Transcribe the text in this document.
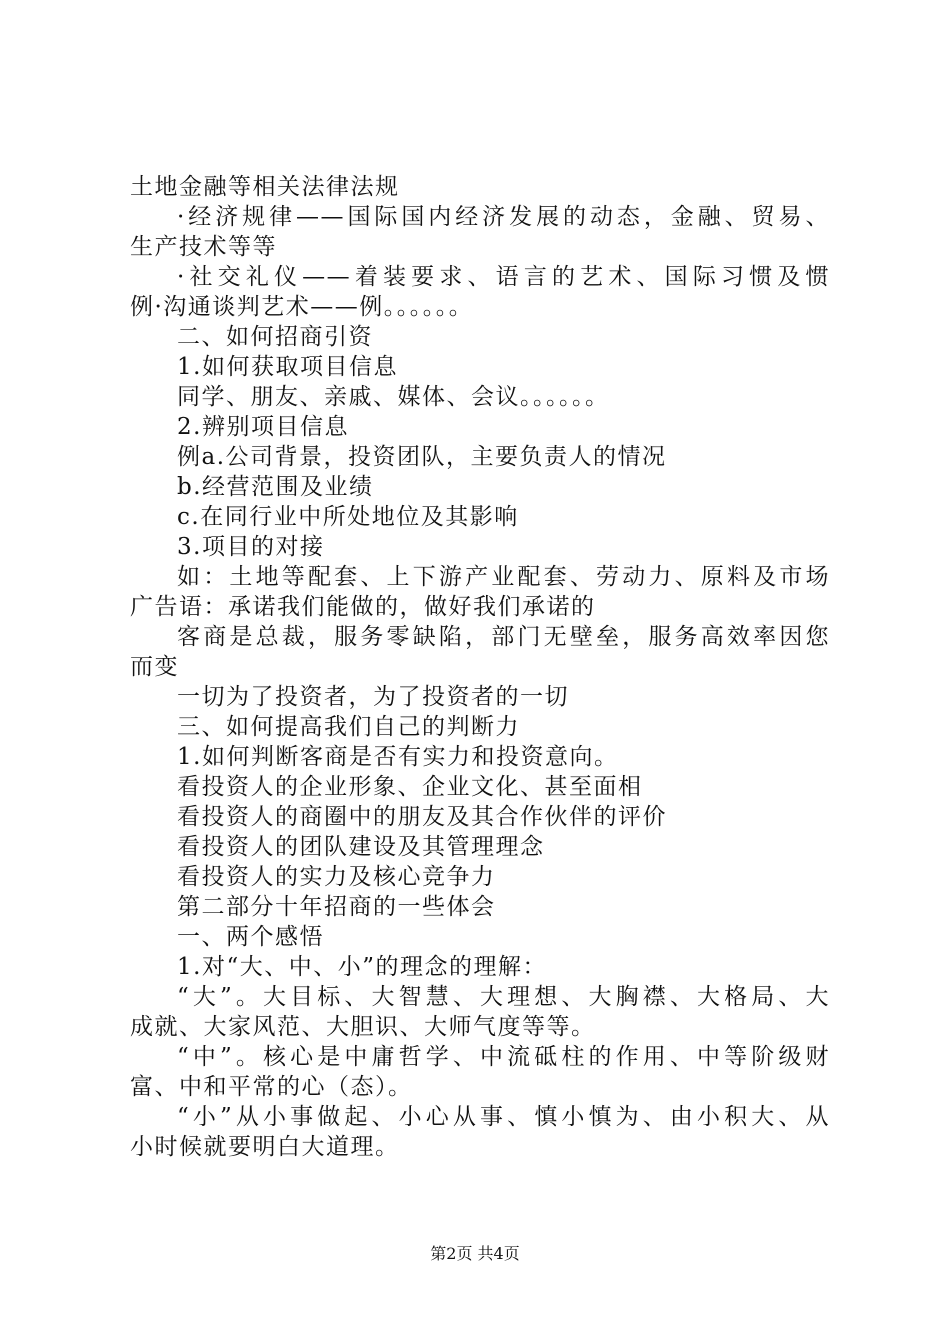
土地金融等相关法律法规
·经济规律——国际国内经济发展的动态，金融、贸易、
生产技术等等
·社交礼仪——着装要求、语言的艺术、国际习惯及惯
例·沟通谈判艺术——例。。。。。。
二、如何招商引资
1.如何获取项目信息
同学、朋友、亲戚、媒体、会议。。。。。。
2.辨别项目信息
例a.公司背景，投资团队，主要负责人的情况
b.经营范围及业绩
c.在同行业中所处地位及其影响
3.项目的对接
如：土地等配套、上下游产业配套、劳动力、原料及市场
广告语：承诺我们能做的，做好我们承诺的
客商是总裁，服务零缺陷，部门无壁垒，服务高效率因您
而变
一切为了投资者，为了投资者的一切
三、如何提高我们自己的判断力
1.如何判断客商是否有实力和投资意向。
看投资人的企业形象、企业文化、甚至面相
看投资人的商圈中的朋友及其合作伙伴的评价
看投资人的团队建设及其管理理念
看投资人的实力及核心竞争力
第二部分十年招商的一些体会
一、两个感悟
1.对“大、中、小”的理念的理解：
“大”。大目标、大智慧、大理想、大胸襟、大格局、大
成就、大家风范、大胆识、大师气度等等。
“中”。核心是中庸哲学、中流砥柱的作用、中等阶级财
富、中和平常的心（态）。
“小”从小事做起、小心从事、慎小慎为、由小积大、从
小时候就要明白大道理。
第2页 共4页
